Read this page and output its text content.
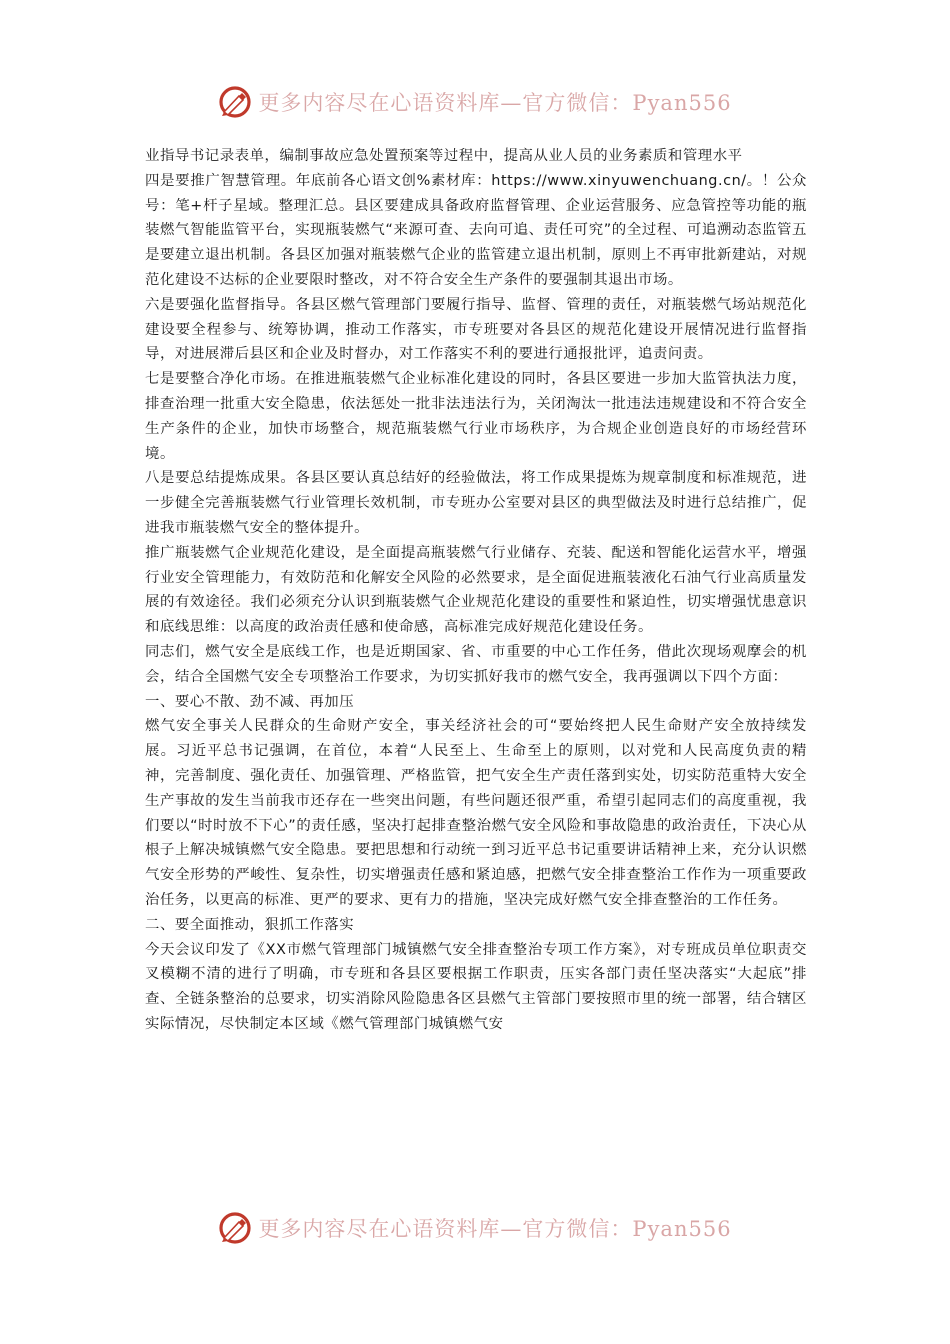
更多内容尽在心语资料库—官方微信：Pyan556

业指导书记录表单，编制事故应急处置预案等过程中，提高从业人员的业务素质和管理水平

四是要推广智慧管理。年底前各心语文创%素材库：https://www.xinyuwenchuang.cn/。！公众号：笔+杆子星域。整理汇总。县区要建成具备政府监督管理、企业运营服务、应急管控等功能的瓶装燃气智能监管平台，实现瓶装燃气“来源可查、去向可追、责任可究”的全过程、可追溯动态监管五是要建立退出机制。各县区加强对瓶装燃气企业的监管建立退出机制，原则上不再审批新建站，对规范化建设不达标的企业要限时整改，对不符合安全生产条件的要强制其退出市场。

六是要强化监督指导。各县区燃气管理部门要履行指导、监督、管理的责任，对瓶装燃气场站规范化建设要全程参与、统筹协调，推动工作落实，市专班要对各县区的规范化建设开展情况进行监督指导，对进展滞后县区和企业及时督办，对工作落实不利的要进行通报批评，追责问责。

七是要整合净化市场。在推进瓶装燃气企业标准化建设的同时，各县区要进一步加大监管执法力度，排查治理一批重大安全隐患，依法惩处一批非法违法行为，关闭淘汰一批违法违规建设和不符合安全生产条件的企业，加快市场整合，规范瓶装燃气行业市场秩序，为合规企业创造良好的市场经营环境。

八是要总结提炼成果。各县区要认真总结好的经验做法，将工作成果提炼为规章制度和标准规范，进一步健全完善瓶装燃气行业管理长效机制，市专班办公室要对县区的典型做法及时进行总结推广，促进我市瓶装燃气安全的整体提升。

推广瓶装燃气企业规范化建设，是全面提高瓶装燃气行业储存、充装、配送和智能化运营水平，增强行业安全管理能力，有效防范和化解安全风险的必然要求，是全面促进瓶装液化石油气行业高质量发展的有效途径。我们必须充分认识到瓶装燃气企业规范化建设的重要性和紧迫性，切实增强忧患意识和底线思维：以高度的政治责任感和使命感，高标准完成好规范化建设任务。

同志们，燃气安全是底线工作，也是近期国家、省、市重要的中心工作任务，借此次现场观摩会的机会，结合全国燃气安全专项整治工作要求，为切实抓好我市的燃气安全，我再强调以下四个方面：

一、要心不散、劲不减、再加压

燃气安全事关人民群众的生命财产安全，事关经济社会的可“要始终把人民生命财产安全放持续发展。习近平总书记强调，在首位，本着“人民至上、生命至上的原则，以对党和人民高度负责的精神，完善制度、强化责任、加强管理、严格监管，把气安全生产责任落到实处，切实防范重特大安全生产事故的发生当前我市还存在一些突出问题，有些问题还很严重，希望引起同志们的高度重视，我们要以“时时放不下心”的责任感，坚决打起排查整治燃气安全风险和事故隐患的政治责任，下决心从根子上解决城镇燃气安全隐患。要把思想和行动统一到习近平总书记重要讲话精神上来，充分认识燃气安全形势的严峻性、复杂性，切实增强责任感和紧迫感，把燃气安全排查整治工作作为一项重要政治任务，以更高的标准、更严的要求、更有力的措施，坚决完成好燃气安全排查整治的工作任务。

二、要全面推动，狠抓工作落实

今天会议印发了《XX市燃气管理部门城镇燃气安全排查整治专项工作方案》，对专班成员单位职责交叉模糊不清的进行了明确，市专班和各县区要根据工作职责，压实各部门责任坚决落实“大起底”排查、全链条整治的总要求，切实消除风险隐患各区县燃气主管部门要按照市里的统一部署，结合辖区实际情况，尽快制定本区域《燃气管理部门城镇燃气安

更多内容尽在心语资料库—官方微信：Pyan556
